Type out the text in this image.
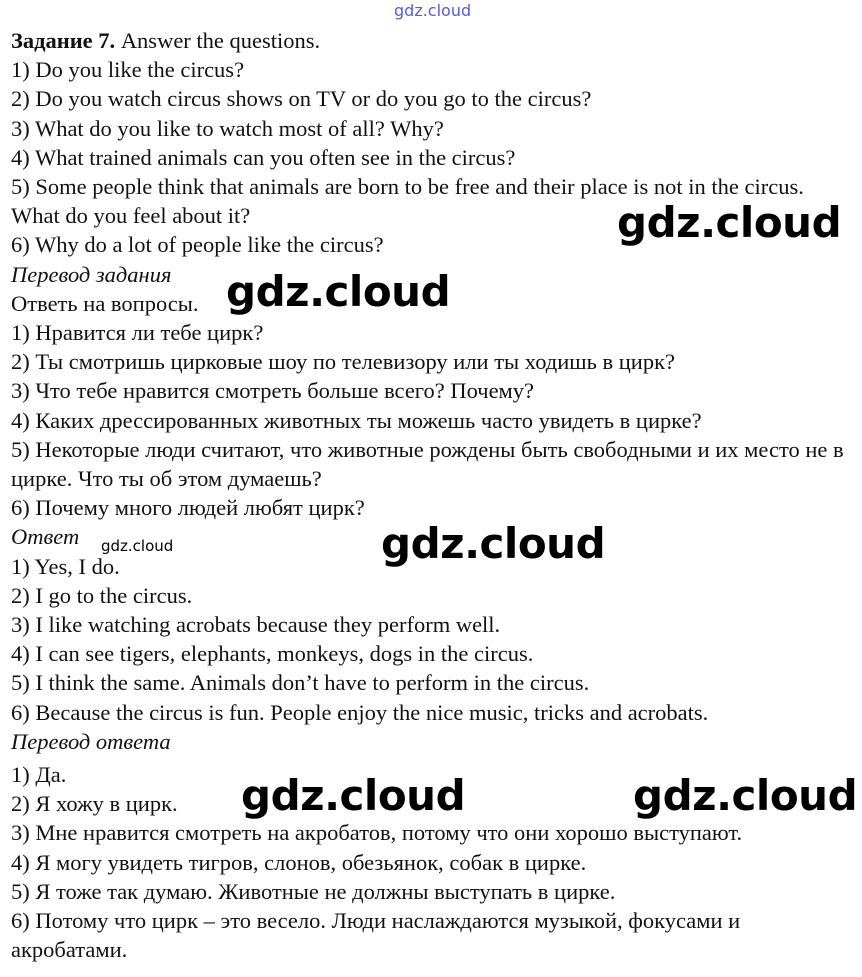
Задание 7. Answer the questions.

1) Do you like the circus?

2) Do you watch circus shows on TV or do you go to the circus?

3) What do you like to watch most of all? Why?

4) What trained animals can you often see in the circus?

5) Some people think that animals are born to be free and their place is not in the circus. What do you feel about it?

6) Why do a lot of people like the circus?

Перевод задания

Ответь на вопросы.

1) Нравится ли тебе цирк?

2) Ты смотришь цирковые шоу по телевизору или ты ходишь в цирк?

3) Что тебе нравится смотреть больше всего? Почему?

4) Каких дрессированных животных ты можешь часто увидеть в цирке?

5) Некоторые люди считают, что животные рождены быть свободными и их место не в цирке. Что ты об этом думаешь?

6) Почему много людей любят цирк?

Ответ

1) Yes, I do.

2) I go to the circus.

3) I like watching acrobats because they perform well.

4) I can see tigers, elephants, monkeys, dogs in the circus.

5) I think the same. Animals don’t have to perform in the circus.

6) Because the circus is fun. People enjoy the nice music, tricks and acrobats.

Перевод ответа

1) Да.

2) Я хожу в цирк.

3) Мне нравится смотреть на акробатов, потому что они хорошо выступают.

4) Я могу увидеть тигров, слонов, обезьянок, собак в цирке.

5) Я тоже так думаю. Животные не должны выступать в цирке.

6) Потому что цирк – это весело. Люди наслаждаются музыкой, фокусами и акробатами.

gdz.cloud
gdz.cloud
gdz.cloud
gdz.cloud
gdz.cloud
gdz.cloud	gdz.cloud
